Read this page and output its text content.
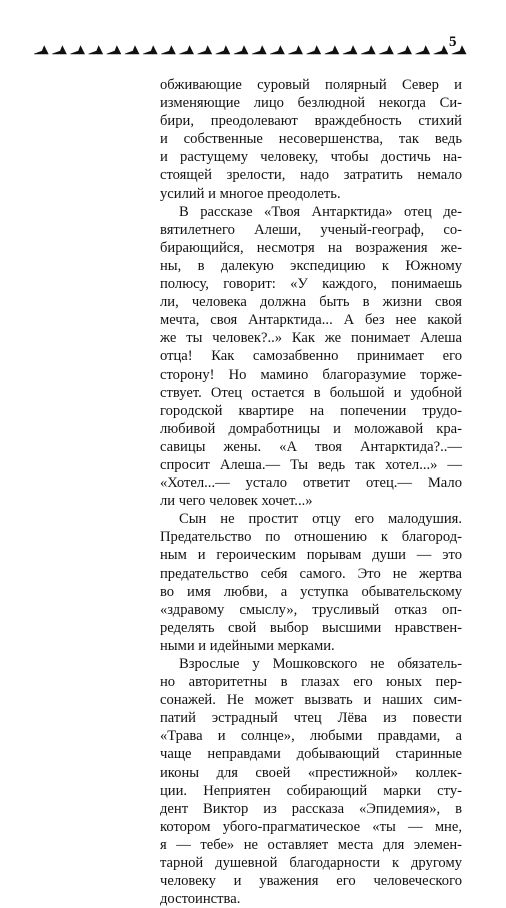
5

обживающие суровый полярный Север и
изменяющие лицо безлюдной некогда Си-
бири, преодолевают враждебность стихий
и собственные несовершенства, так ведь
и растущему человеку, чтобы достичь на-
стоящей зрелости, надо затратить немало
усилий и многое преодолеть.

В рассказе «Твоя Антарктида» отец де-
вятилетнего Алеши, ученый-географ, со-
бирающийся, несмотря на возражения же-
ны, в далекую экспедицию к Южному
полюсу, говорит: «У каждого, понимаешь
ли, человека должна быть в жизни своя
мечта, своя Антарктида... А без нее какой
же ты человек?..» Как же понимает Алеша
отца! Как самозабвенно принимает его
сторону! Но мамино благоразумие торже-
ствует. Отец остается в большой и удобной
городской квартире на попечении трудо-
любивой домработницы и моложавой кра-
савицы жены. «А твоя Антарктида?..—
спросит Алеша.— Ты ведь так хотел...» —
«Хотел...— устало ответит отец.— Мало
ли чего человек хочет...»

Сын не простит отцу его малодушия.
Предательство по отношению к благород-
ным и героическим порывам души — это
предательство себя самого. Это не жертва
во имя любви, а уступка обывательскому
«здравому смыслу», трусливый отказ оп-
ределять свой выбор высшими нравствен-
ными и идейными мерками.

Взрослые у Мошковского не обязатель-
но авторитетны в глазах его юных пер-
сонажей. Не может вызвать и наших сим-
патий эстрадный чтец Лёва из повести
«Трава и солнце», любыми правдами, а
чаще неправдами добывающий старинные
иконы для своей «престижной» коллек-
ции. Неприятен собирающий марки сту-
дент Виктор из рассказа «Эпидемия», в
котором убого-прагматическое «ты — мне,
я — тебе» не оставляет места для элемен-
тарной душевной благодарности к другому
человеку и уважения его человеческого
достоинства.
